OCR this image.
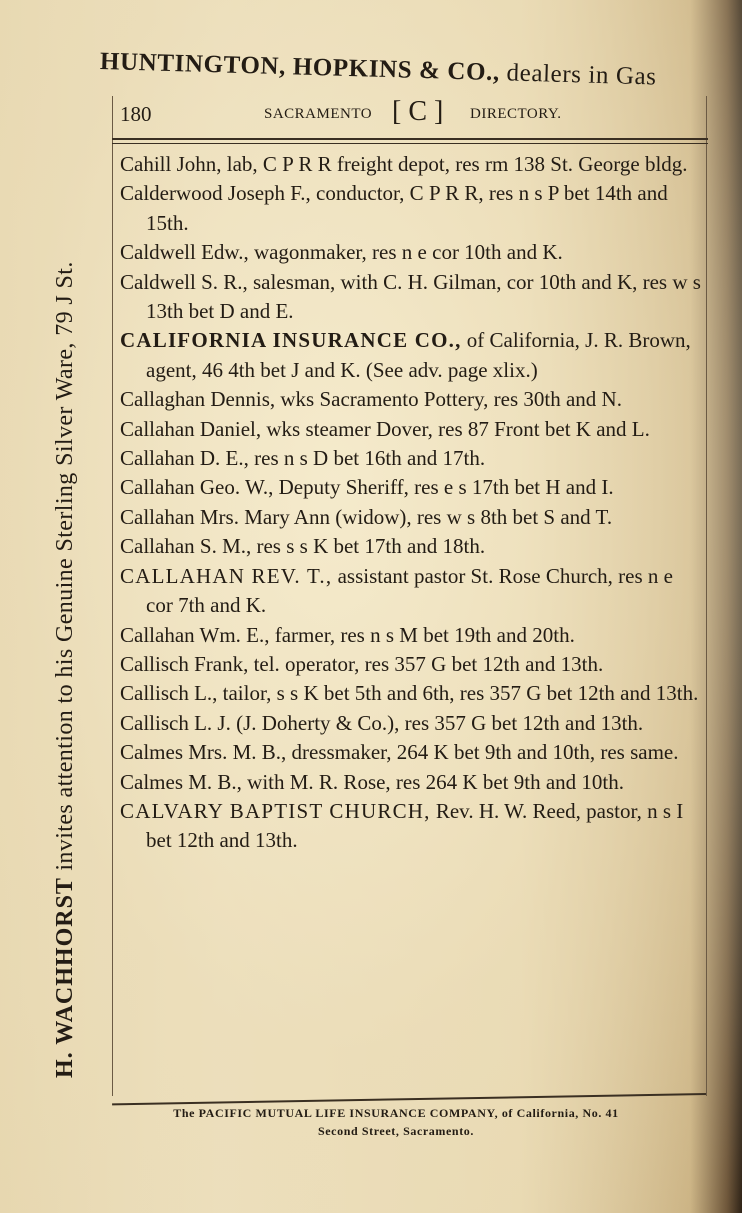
HUNTINGTON, HOPKINS & CO., dealers in Gas
H. WACHHORST invites attention to his Genuine Sterling Silver Ware, 79 J St.
180	SACRAMENTO [ C ] DIRECTORY.

Cahill John, lab, C P R R freight depot, res rm 138 St. George bldg.

Calderwood Joseph F., conductor, C P R R, res n s P bet 14th and 15th.

Caldwell Edw., wagonmaker, res n e cor 10th and K.

Caldwell S. R., salesman, with C. H. Gilman, cor 10th and K, res w s 13th bet D and E.

CALIFORNIA INSURANCE CO., of California, J. R. Brown, agent, 46 4th bet J and K. (See adv. page xlix.)

Callaghan Dennis, wks Sacramento Pottery, res 30th and N.

Callahan Daniel, wks steamer Dover, res 87 Front bet K and L.

Callahan D. E., res n s D bet 16th and 17th.

Callahan Geo. W., Deputy Sheriff, res e s 17th bet H and I.

Callahan Mrs. Mary Ann (widow), res w s 8th bet S and T.

Callahan S. M., res s s K bet 17th and 18th.

CALLAHAN REV. T., assistant pastor St. Rose Church, res n e cor 7th and K.

Callahan Wm. E., farmer, res n s M bet 19th and 20th.

Callisch Frank, tel. operator, res 357 G bet 12th and 13th.

Callisch L., tailor, s s K bet 5th and 6th, res 357 G bet 12th and 13th.

Callisch L. J. (J. Doherty & Co.), res 357 G bet 12th and 13th.

Calmes Mrs. M. B., dressmaker, 264 K bet 9th and 10th, res same.

Calmes M. B., with M. R. Rose, res 264 K bet 9th and 10th.

CALVARY BAPTIST CHURCH, Rev. H. W. Reed, pastor, n s I bet 12th and 13th.

The PACIFIC MUTUAL LIFE INSURANCE COMPANY, of California, No. 41
Second Street, Sacramento.
